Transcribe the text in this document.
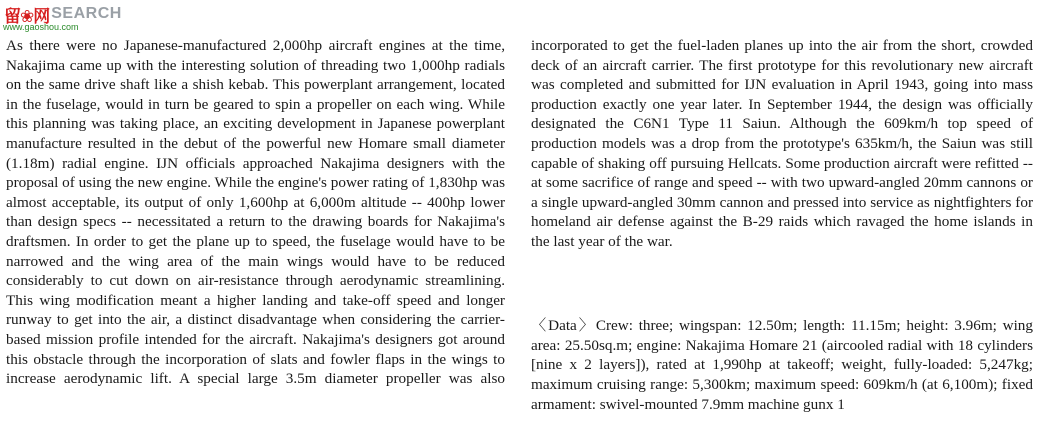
留❀网 SEARCH
www.gaoshou.com

As there were no Japanese-manufactured 2,000hp aircraft engines at the time, Nakajima came up with the interesting solution of threading two 1,000hp radials on the same drive shaft like a shish kebab. This powerplant arrangement, located in the fuselage, would in turn be geared to spin a propeller on each wing. While this planning was taking place, an exciting development in Japanese powerplant manufacture resulted in the debut of the powerful new Homare small diameter (1.18m) radial engine. IJN officials approached Nakajima designers with the proposal of using the new engine. While the engine's power rating of 1,830hp was almost acceptable, its output of only 1,600hp at 6,000m altitude -- 400hp lower than design specs -- necessitated a return to the drawing boards for Nakajima's draftsmen. In order to get the plane up to speed, the fuselage would have to be narrowed and the wing area of the main wings would have to be reduced considerably to cut down on air-resistance through aerodynamic streamlining. This wing modification meant a higher landing and take-off speed and longer runway to get into the air, a distinct disadvantage when considering the carrier-based mission profile intended for the aircraft. Nakajima's designers got around this obstacle through the incorporation of slats and fowler flaps in the wings to increase aerodynamic lift. A special large 3.5m diameter propeller was also

incorporated to get the fuel-laden planes up into the air from the short, crowded deck of an aircraft carrier. The first prototype for this revolutionary new aircraft was completed and submitted for IJN evaluation in April 1943, going into mass production exactly one year later. In September 1944, the design was officially designated the C6N1 Type 11 Saiun. Although the 609km/h top speed of production models was a drop from the prototype's 635km/h, the Saiun was still capable of shaking off pursuing Hellcats. Some production aircraft were refitted -- at some sacrifice of range and speed -- with two upward-angled 20mm cannons or a single upward-angled 30mm cannon and pressed into service as nightfighters for homeland air defense against the B-29 raids which ravaged the home islands in the last year of the war.

〈Data〉Crew: three; wingspan: 12.50m; length: 11.15m; height: 3.96m; wing area: 25.50sq.m; engine: Nakajima Homare 21 (aircooled radial with 18 cylinders [nine x 2 layers]), rated at 1,990hp at takeoff; weight, fully-loaded: 5,247kg; maximum cruising range: 5,300km; maximum speed: 609km/h (at 6,100m); fixed armament: swivel-mounted 7.9mm machine gunx 1
